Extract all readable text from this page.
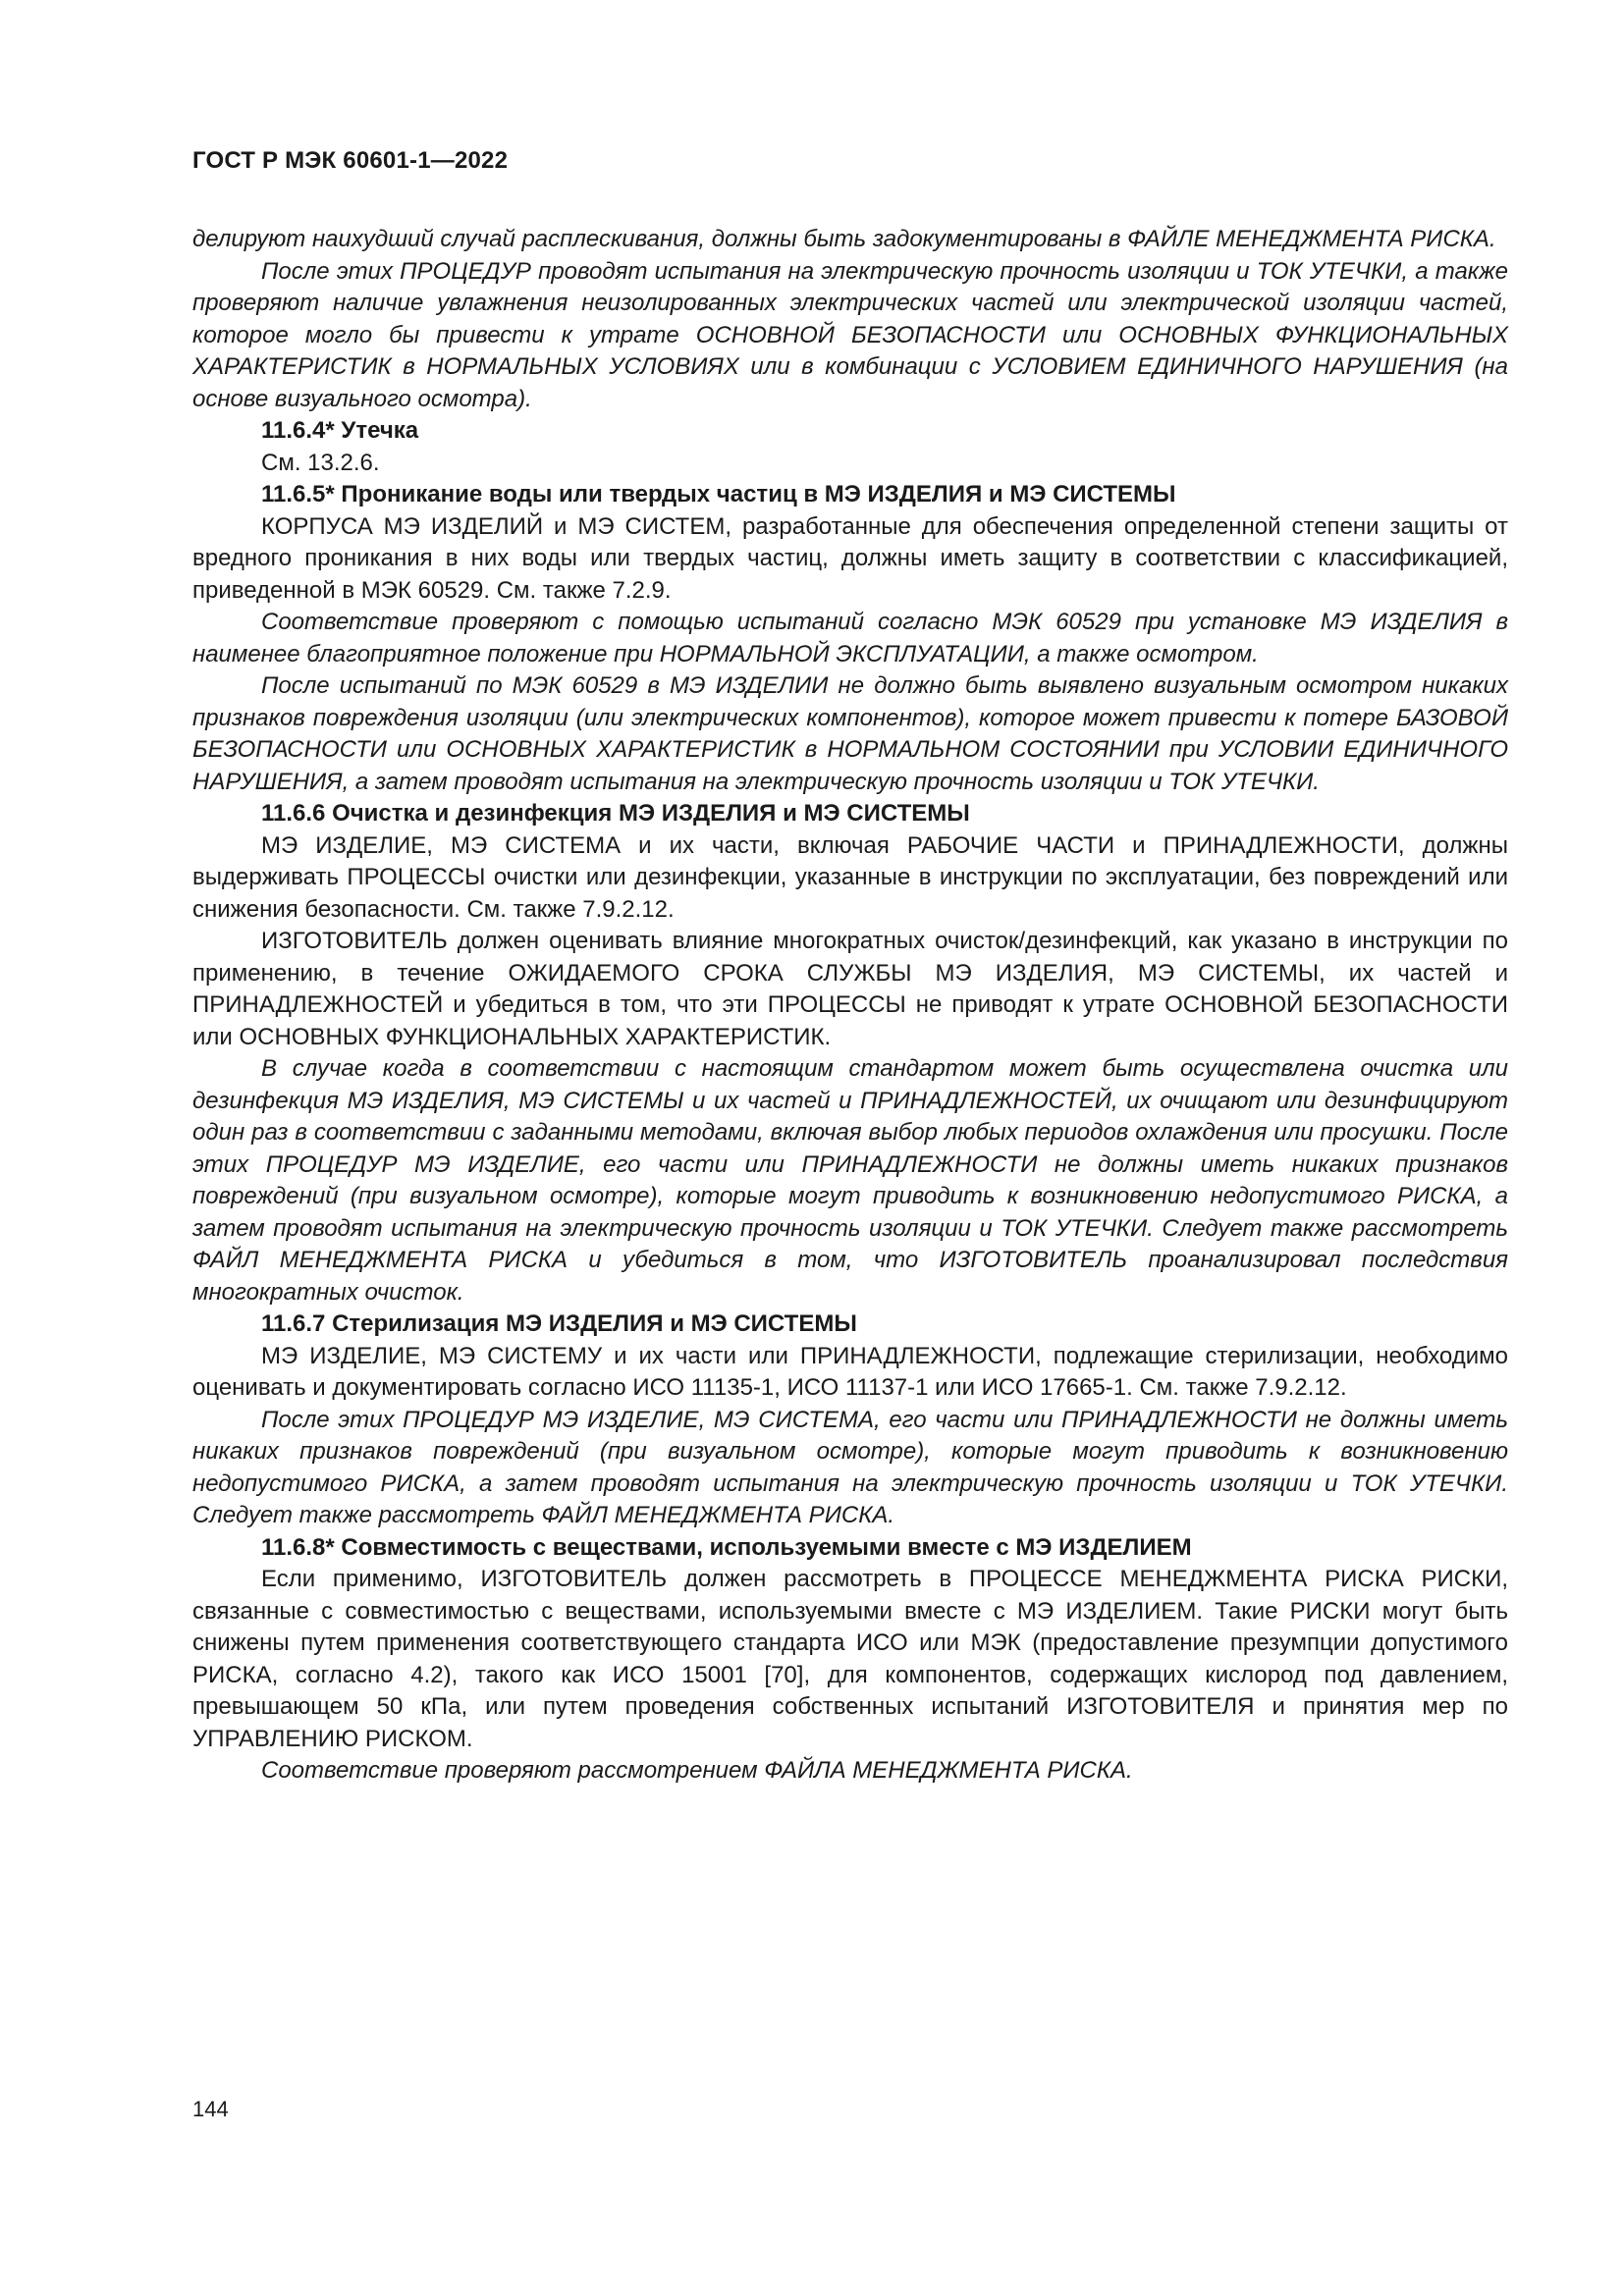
ГОСТ Р МЭК 60601-1—2022

делируют наихудший случай расплескивания, должны быть задокументированы в ФАЙЛЕ МЕНЕДЖМЕНТА РИСКА.

После этих ПРОЦЕДУР проводят испытания на электрическую прочность изоляции и ТОК УТЕЧКИ, а также проверяют наличие увлажнения неизолированных электрических частей или электрической изоляции частей, которое могло бы привести к утрате ОСНОВНОЙ БЕЗОПАСНОСТИ или ОСНОВНЫХ ФУНКЦИОНАЛЬНЫХ ХАРАКТЕРИСТИК в НОРМАЛЬНЫХ УСЛОВИЯХ или в комбинации с УСЛОВИЕМ ЕДИНИЧНОГО НАРУШЕНИЯ (на основе визуального осмотра).

11.6.4* Утечка

См. 13.2.6.

11.6.5* Проникание воды или твердых частиц в МЭ ИЗДЕЛИЯ и МЭ СИСТЕМЫ

КОРПУСА МЭ ИЗДЕЛИЙ и МЭ СИСТЕМ, разработанные для обеспечения определенной степени защиты от вредного проникания в них воды или твердых частиц, должны иметь защиту в соответствии с классификацией, приведенной в МЭК 60529. См. также 7.2.9.

Соответствие проверяют с помощью испытаний согласно МЭК 60529 при установке МЭ ИЗДЕЛИЯ в наименее благоприятное положение при НОРМАЛЬНОЙ ЭКСПЛУАТАЦИИ, а также осмотром.

После испытаний по МЭК 60529 в МЭ ИЗДЕЛИИ не должно быть выявлено визуальным осмотром никаких признаков повреждения изоляции (или электрических компонентов), которое может привести к потере БАЗОВОЙ БЕЗОПАСНОСТИ или ОСНОВНЫХ ХАРАКТЕРИСТИК в НОРМАЛЬНОМ СОСТОЯНИИ при УСЛОВИИ ЕДИНИЧНОГО НАРУШЕНИЯ, а затем проводят испытания на электрическую прочность изоляции и ТОК УТЕЧКИ.

11.6.6 Очистка и дезинфекция МЭ ИЗДЕЛИЯ и МЭ СИСТЕМЫ

МЭ ИЗДЕЛИЕ, МЭ СИСТЕМА и их части, включая РАБОЧИЕ ЧАСТИ и ПРИНАДЛЕЖНОСТИ, должны выдерживать ПРОЦЕССЫ очистки или дезинфекции, указанные в инструкции по эксплуатации, без повреждений или снижения безопасности. См. также 7.9.2.12.

ИЗГОТОВИТЕЛЬ должен оценивать влияние многократных очисток/дезинфекций, как указано в инструкции по применению, в течение ОЖИДАЕМОГО СРОКА СЛУЖБЫ МЭ ИЗДЕЛИЯ, МЭ СИСТЕМЫ, их частей и ПРИНАДЛЕЖНОСТЕЙ и убедиться в том, что эти ПРОЦЕССЫ не приводят к утрате ОСНОВНОЙ БЕЗОПАСНОСТИ или ОСНОВНЫХ ФУНКЦИОНАЛЬНЫХ ХАРАКТЕРИСТИК.

В случае когда в соответствии с настоящим стандартом может быть осуществлена очистка или дезинфекция МЭ ИЗДЕЛИЯ, МЭ СИСТЕМЫ и их частей и ПРИНАДЛЕЖНОСТЕЙ, их очищают или дезинфицируют один раз в соответствии с заданными методами, включая выбор любых периодов охлаждения или просушки. После этих ПРОЦЕДУР МЭ ИЗДЕЛИЕ, его части или ПРИНАДЛЕЖНОСТИ не должны иметь никаких признаков повреждений (при визуальном осмотре), которые могут приводить к возникновению недопустимого РИСКА, а затем проводят испытания на электрическую прочность изоляции и ТОК УТЕЧКИ. Следует также рассмотреть ФАЙЛ МЕНЕДЖМЕНТА РИСКА и убедиться в том, что ИЗГОТОВИТЕЛЬ проанализировал последствия многократных очисток.

11.6.7 Стерилизация МЭ ИЗДЕЛИЯ и МЭ СИСТЕМЫ

МЭ ИЗДЕЛИЕ, МЭ СИСТЕМУ и их части или ПРИНАДЛЕЖНОСТИ, подлежащие стерилизации, необходимо оценивать и документировать согласно ИСО 11135-1, ИСО 11137-1 или ИСО 17665-1. См. также 7.9.2.12.

После этих ПРОЦЕДУР МЭ ИЗДЕЛИЕ, МЭ СИСТЕМА, его части или ПРИНАДЛЕЖНОСТИ не должны иметь никаких признаков повреждений (при визуальном осмотре), которые могут приводить к возникновению недопустимого РИСКА, а затем проводят испытания на электрическую прочность изоляции и ТОК УТЕЧКИ. Следует также рассмотреть ФАЙЛ МЕНЕДЖМЕНТА РИСКА.

11.6.8* Совместимость с веществами, используемыми вместе с МЭ ИЗДЕЛИЕМ

Если применимо, ИЗГОТОВИТЕЛЬ должен рассмотреть в ПРОЦЕССЕ МЕНЕДЖМЕНТА РИСКА РИСКИ, связанные с совместимостью с веществами, используемыми вместе с МЭ ИЗДЕЛИЕМ. Такие РИСКИ могут быть снижены путем применения соответствующего стандарта ИСО или МЭК (предоставление презумпции допустимого РИСКА, согласно 4.2), такого как ИСО 15001 [70], для компонентов, содержащих кислород под давлением, превышающем 50 кПа, или путем проведения собственных испытаний ИЗГОТОВИТЕЛЯ и принятия мер по УПРАВЛЕНИЮ РИСКОМ.

Соответствие проверяют рассмотрением ФАЙЛА МЕНЕДЖМЕНТА РИСКА.

144
